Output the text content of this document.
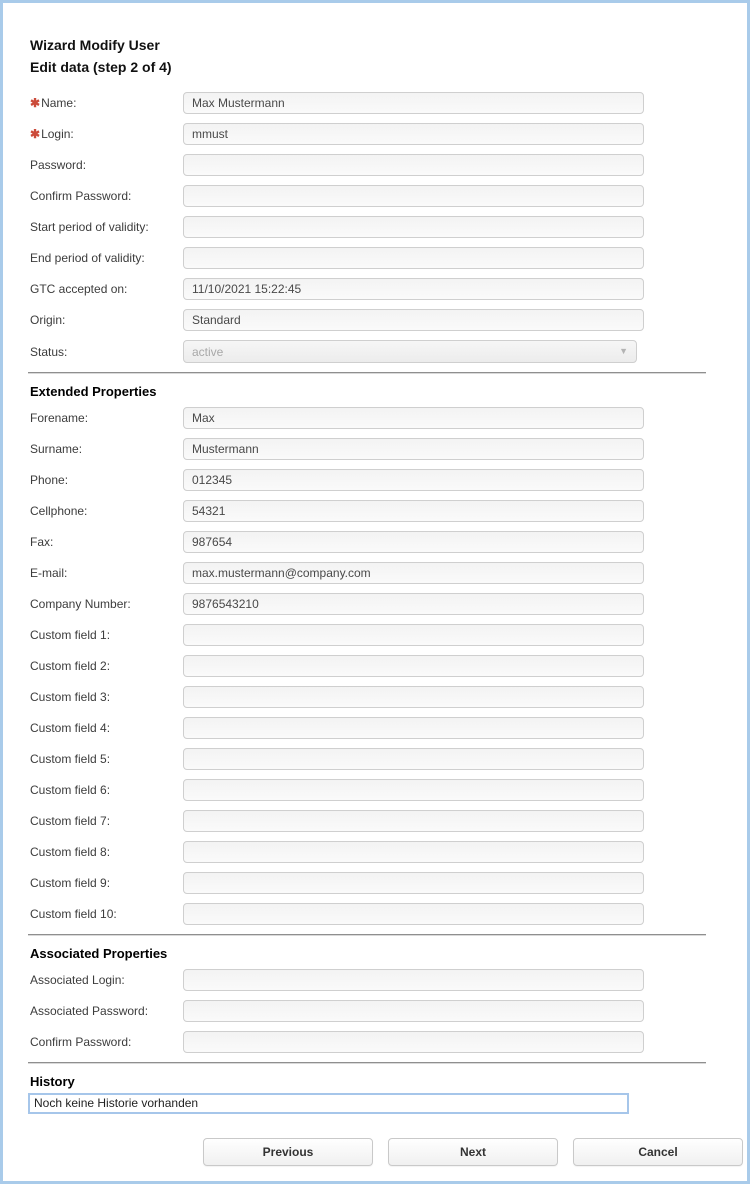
Wizard Modify User
Edit data (step 2 of 4)
✱Name:
Max Mustermann
✱Login:
mmust
Password:
Confirm Password:
Start period of validity:
End period of validity:
GTC accepted on:
11/10/2021 15:22:45
Origin:
Standard
Status:	active	▼
Extended Properties
Forename:
Max
Surname:
Mustermann
Phone:
012345
Cellphone:
54321
Fax:
987654
E-mail:
max.mustermann@company.com
Company Number:
9876543210
Custom field 1:
Custom field 2:
Custom field 3:
Custom field 4:
Custom field 5:
Custom field 6:
Custom field 7:
Custom field 8:
Custom field 9:
Custom field 10:
Associated Properties
Associated Login:
Associated Password:
Confirm Password:
History
Noch keine Historie vorhanden
Previous	Next	Cancel
